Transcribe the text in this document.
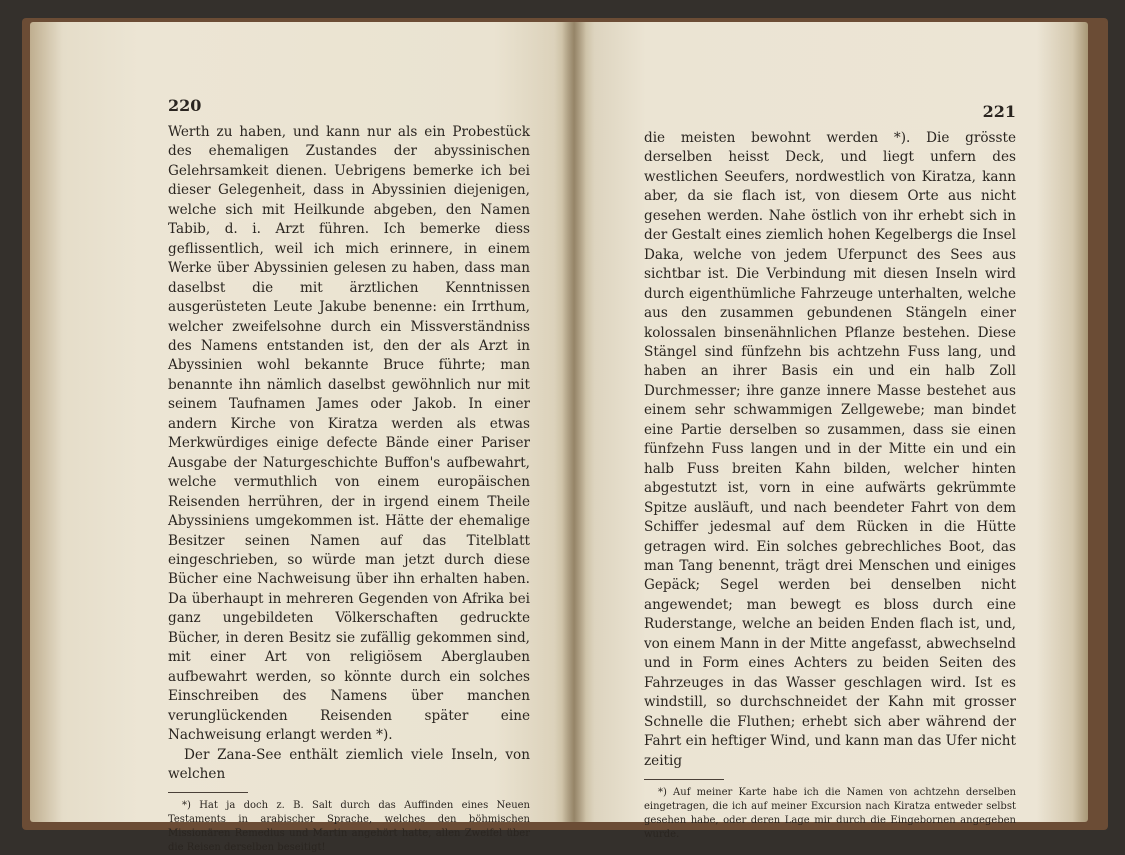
220

Werth zu haben, und kann nur als ein Probestück des ehemaligen Zustandes der abyssinischen Gelehrsamkeit dienen. Uebrigens bemerke ich bei dieser Gelegenheit, dass in Abyssinien diejenigen, welche sich mit Heilkunde abgeben, den Namen Tabib, d. i. Arzt führen. Ich bemerke diess geflissentlich, weil ich mich erinnere, in einem Werke über Abyssinien gelesen zu haben, dass man daselbst die mit ärztlichen Kenntnissen ausgerüsteten Leute Jakube benenne: ein Irrthum, welcher zweifelsohne durch ein Missverständniss des Namens entstanden ist, den der als Arzt in Abyssinien wohl bekannte Bruce führte; man benannte ihn nämlich daselbst gewöhnlich nur mit seinem Taufnamen James oder Jakob. In einer andern Kirche von Kiratza werden als etwas Merkwürdiges einige defecte Bände einer Pariser Ausgabe der Naturgeschichte Buffon's aufbewahrt, welche vermuthlich von einem europäischen Reisenden herrühren, der in irgend einem Theile Abyssiniens umgekommen ist. Hätte der ehemalige Besitzer seinen Namen auf das Titelblatt eingeschrieben, so würde man jetzt durch diese Bücher eine Nachweisung über ihn erhalten haben. Da überhaupt in mehreren Gegenden von Afrika bei ganz ungebildeten Völkerschaften gedruckte Bücher, in deren Besitz sie zufällig gekommen sind, mit einer Art von religiösem Aberglauben aufbewahrt werden, so könnte durch ein solches Einschreiben des Namens über manchen verunglückenden Reisenden später eine Nachweisung erlangt werden *).

Der Zana-See enthält ziemlich viele Inseln, von welchen

*) Hat ja doch z. B. Salt durch das Auffinden eines Neuen Testaments in arabischer Sprache, welches den böhmischen Missionären Remedius und Martin angehört hatte, allen Zweifel über die Reisen derselben beseitigt!

221

die meisten bewohnt werden *). Die grösste derselben heisst Deck, und liegt unfern des westlichen Seeufers, nordwestlich von Kiratza, kann aber, da sie flach ist, von diesem Orte aus nicht gesehen werden. Nahe östlich von ihr erhebt sich in der Gestalt eines ziemlich hohen Kegelbergs die Insel Daka, welche von jedem Uferpunct des Sees aus sichtbar ist. Die Verbindung mit diesen Inseln wird durch eigenthümliche Fahrzeuge unterhalten, welche aus den zusammen gebundenen Stängeln einer kolossalen binsenähnlichen Pflanze bestehen. Diese Stängel sind fünfzehn bis achtzehn Fuss lang, und haben an ihrer Basis ein und ein halb Zoll Durchmesser; ihre ganze innere Masse bestehet aus einem sehr schwammigen Zellgewebe; man bindet eine Partie derselben so zusammen, dass sie einen fünfzehn Fuss langen und in der Mitte ein und ein halb Fuss breiten Kahn bilden, welcher hinten abgestutzt ist, vorn in eine aufwärts gekrümmte Spitze ausläuft, und nach beendeter Fahrt von dem Schiffer jedesmal auf dem Rücken in die Hütte getragen wird. Ein solches gebrechliches Boot, das man Tang benennt, trägt drei Menschen und einiges Gepäck; Segel werden bei denselben nicht angewendet; man bewegt es bloss durch eine Ruderstange, welche an beiden Enden flach ist, und, von einem Mann in der Mitte angefasst, abwechselnd und in Form eines Achters zu beiden Seiten des Fahrzeuges in das Wasser geschlagen wird. Ist es windstill, so durchschneidet der Kahn mit grosser Schnelle die Fluthen; erhebt sich aber während der Fahrt ein heftiger Wind, und kann man das Ufer nicht zeitig

*) Auf meiner Karte habe ich die Namen von achtzehn derselben eingetragen, die ich auf meiner Excursion nach Kiratza entweder selbst gesehen habe, oder deren Lage mir durch die Eingebornen angegeben wurde.
